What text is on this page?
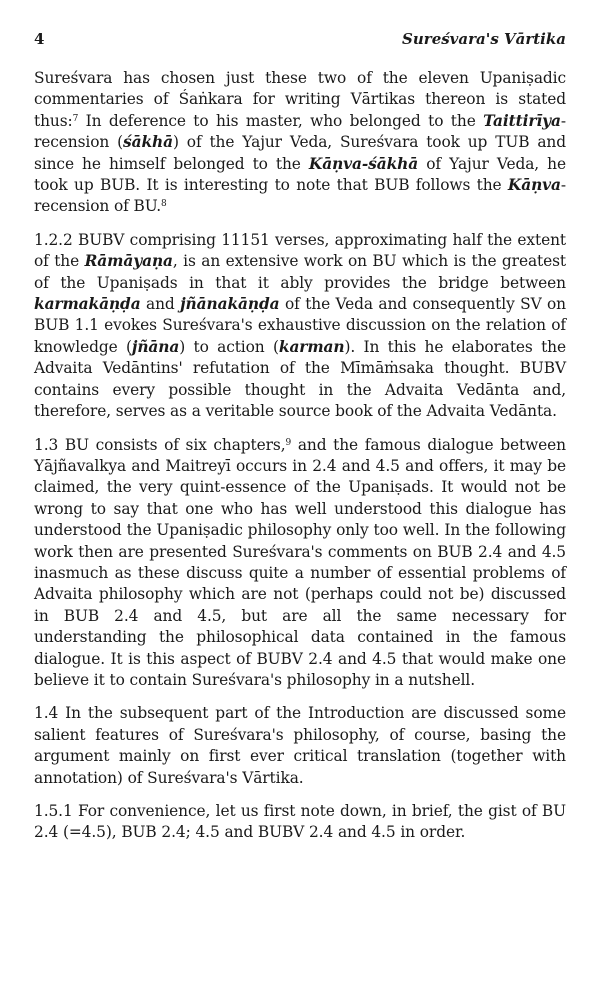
4	Sureśvara's Vārtika

Sureśvara has chosen just these two of the eleven Upaniṣadic commentaries of Śaṅkara for writing Vārtikas thereon is stated thus:$^7$ In deference to his master, who belonged to the Taittirīya-recension (śākhā) of the Yajur Veda, Sureśvara took up TUB and since he himself belonged to the Kāṇva-śākhā of Yajur Veda, he took up BUB. It is interesting to note that BUB follows the Kāṇva-recension of BU.$^8$

1.2.2 BUBV comprising 11151 verses, approximating half the extent of the Rāmāyaṇa, is an extensive work on BU which is the greatest of the Upaniṣads in that it ably provides the bridge between karmakāṇḍa and jñānakāṇḍa of the Veda and consequently SV on BUB 1.1 evokes Sureśvara's exhaustive discussion on the relation of knowledge (jñāna) to action (karman). In this he elaborates the Advaita Vedāntins' refutation of the Mīmāṁsaka thought. BUBV contains every possible thought in the Advaita Vedānta and, therefore, serves as a veritable source book of the Advaita Vedānta.

1.3 BU consists of six chapters,$^9$ and the famous dialogue between Yājñavalkya and Maitreyī occurs in 2.4 and 4.5 and offers, it may be claimed, the very quint-essence of the Upaniṣads. It would not be wrong to say that one who has well understood this dialogue has understood the Upaniṣadic philosophy only too well. In the following work then are presented Sureśvara's comments on BUB 2.4 and 4.5 inasmuch as these discuss quite a number of essential problems of Advaita philosophy which are not (perhaps could not be) discussed in BUB 2.4 and 4.5, but are all the same necessary for understanding the philosophical data contained in the famous dialogue. It is this aspect of BUBV 2.4 and 4.5 that would make one believe it to contain Sureśvara's philosophy in a nutshell.

1.4 In the subsequent part of the Introduction are discussed some salient features of Sureśvara's philosophy, of course, basing the argument mainly on first ever critical translation (together with annotation) of Sureśvara's Vārtika.

1.5.1 For convenience, let us first note down, in brief, the gist of BU 2.4 (=4.5), BUB 2.4; 4.5 and BUBV 2.4 and 4.5 in order.
